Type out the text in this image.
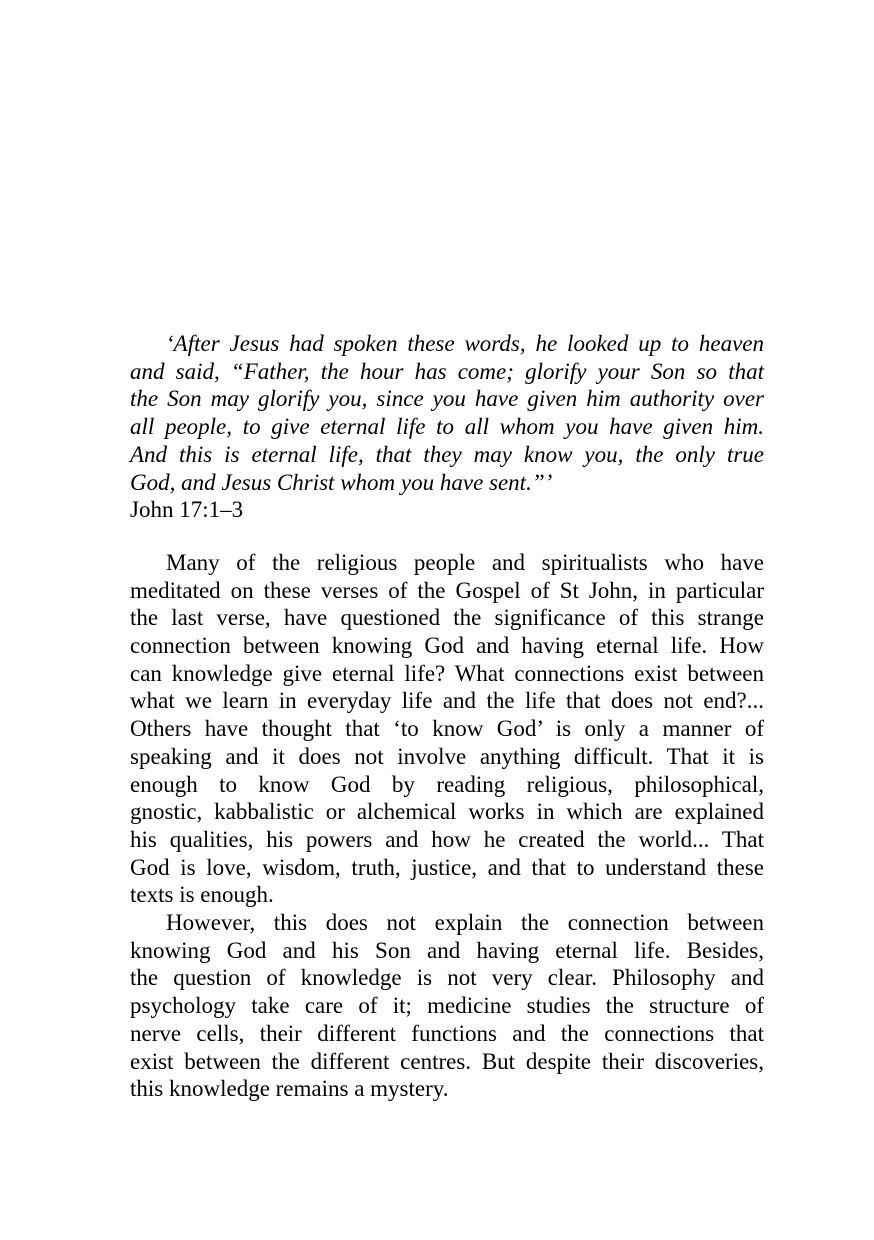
‘After Jesus had spoken these words, he looked up to heaven
and said, “Father, the hour has come; glorify your Son so that
the Son may glorify you, since you have given him authority over
all people, to give eternal life to all whom you have given him.
And this is eternal life, that they may know you, the only true
God, and Jesus Christ whom you have sent.”’
John 17:1–3
Many of the religious people and spiritualists who have
meditated on these verses of the Gospel of St John, in particular
the last verse, have questioned the significance of this strange
connection between knowing God and having eternal life. How
can knowledge give eternal life? What connections exist between
what we learn in everyday life and the life that does not end?...
Others have thought that ‘to know God’ is only a manner of
speaking and it does not involve anything difficult. That it is
enough to know God by reading religious, philosophical,
gnostic, kabbalistic or alchemical works in which are explained
his qualities, his powers and how he created the world... That
God is love, wisdom, truth, justice, and that to understand these
texts is enough.
However, this does not explain the connection between
knowing God and his Son and having eternal life. Besides,
the question of knowledge is not very clear. Philosophy and
psychology take care of it; medicine studies the structure of
nerve cells, their different functions and the connections that
exist between the different centres. But despite their discoveries,
this knowledge remains a mystery.
